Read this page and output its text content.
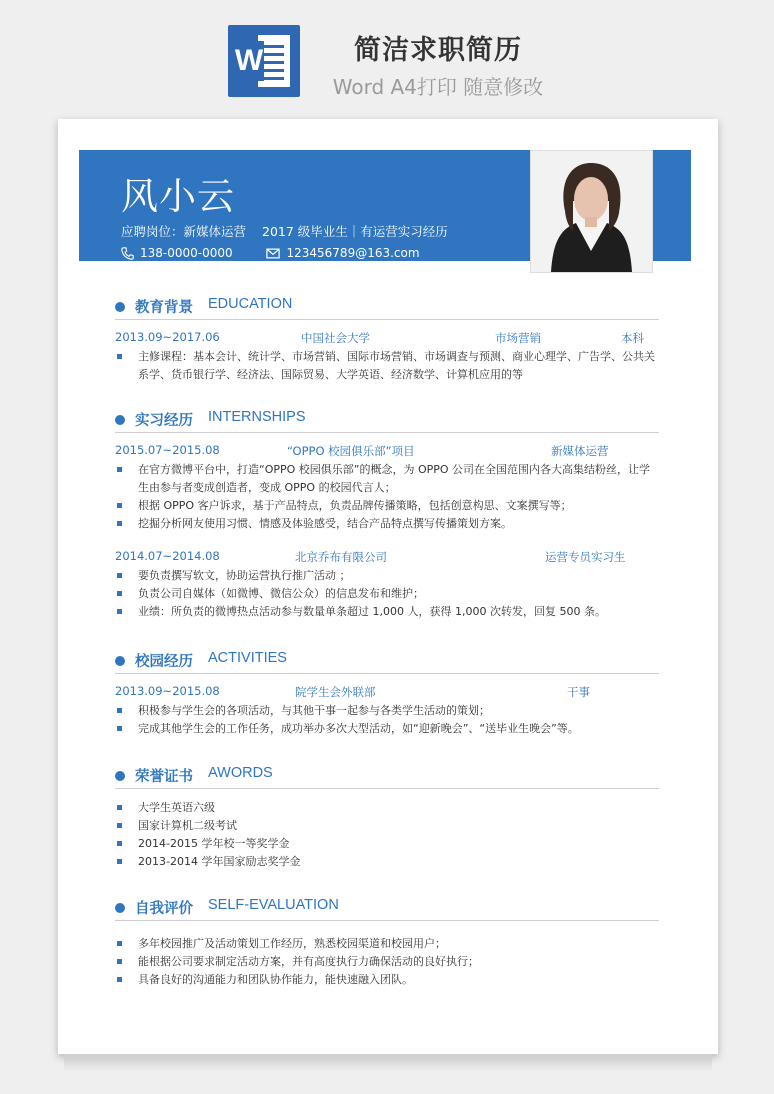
W	简洁求职简历
Word A4打印 随意修改
风小云
应聘岗位：新媒体运营 2017 级毕业生｜有运营实习经历
138-0000-0000	123456789@163.com
教育背景 EDUCATION
2013.09~2017.06	中国社会大学	市场营销	本科
主修课程：基本会计、统计学、市场营销、国际市场营销、市场调查与预测、商业心理学、广告学、公共关系学、货币银行学、经济法、国际贸易、大学英语、经济数学、计算机应用的等
实习经历 INTERNSHIPS
2015.07~2015.08	“OPPO 校园俱乐部”项目	新媒体运营
在官方微博平台中，打造“OPPO 校园俱乐部”的概念，为 OPPO 公司在全国范围内各大高集结粉丝，让学生由参与者变成创造者，变成 OPPO 的校园代言人；
根据 OPPO 客户诉求，基于产品特点，负责品牌传播策略，包括创意构思、文案撰写等；
挖掘分析网友使用习惯、情感及体验感受，结合产品特点撰写传播策划方案。
2014.07~2014.08	北京乔布有限公司	运营专员实习生
要负责撰写软文，协助运营执行推广活动 ；
负责公司自媒体（如微博、微信公众）的信息发布和维护；
业绩：所负责的微博热点活动参与数量单条超过 1,000 人，获得 1,000 次转发，回复 500 条。
校园经历 ACTIVITIES
2013.09~2015.08	院学生会外联部	干事
积极参与学生会的各项活动，与其他干事一起参与各类学生活动的策划；
完成其他学生会的工作任务，成功举办多次大型活动，如“迎新晚会”、“送毕业生晚会”等。
荣誉证书 AWORDS
大学生英语六级
国家计算机二级考试
2014-2015 学年校一等奖学金
2013-2014 学年国家励志奖学金
自我评价 SELF-EVALUATION
多年校园推广及活动策划工作经历，熟悉校园渠道和校园用户；
能根据公司要求制定活动方案，并有高度执行力确保活动的良好执行；
具备良好的沟通能力和团队协作能力，能快速融入团队。
